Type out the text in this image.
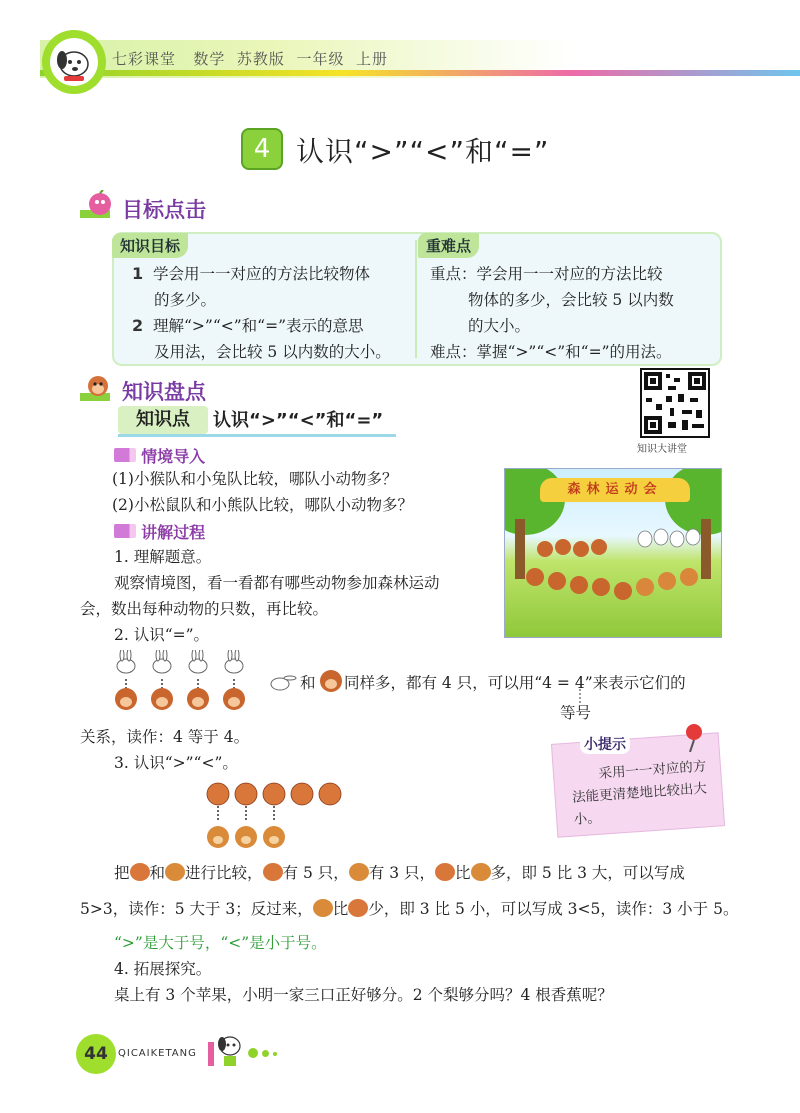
七彩课堂 数学 苏教版 一年级 上册
4 认识“>”“<”和“=”
目标点击
知识目标	重难点
1 学会用一一对应的方法比较物体
的多少。
2 理解“>”“<”和“=”表示的意思
及用法，会比较 5 以内数的大小。
重点：学会用一一对应的方法比较
物体的多少，会比较 5 以内数
的大小。
难点：掌握“>”“<”和“=”的用法。
知识盘点
知识点	认识“>”“<”和“=”
知识大讲堂
情境导入
(1)小猴队和小兔队比较，哪队小动物多？
(2)小松鼠队和小熊队比较，哪队小动物多？
森林运动会
讲解过程
1. 理解题意。
观察情境图，看一看都有哪些动物参加森林运动
会，数出每种动物的只数，再比较。
2. 认识“=”。
和 同样多，都有 4 只，可以用“4 = 4”来表示它们的
等号
关系，读作：4 等于 4。	小提示
采用一一对应的方法能更清楚地比较出大小。
3. 认识“>”“<”。
把 和 进行比较， 有 5 只， 有 3 只， 比 多，即 5 比 3 大，可以写成
5>3，读作：5 大于 3；反过来， 比 少，即 3 比 5 小，可以写成 3<5，读作：3 小于 5。
“>”是大于号，“<”是小于号。
4. 拓展探究。
桌上有 3 个苹果，小明一家三口正好够分。2 个梨够分吗？4 根香蕉呢？
44	QICAIKETANG
